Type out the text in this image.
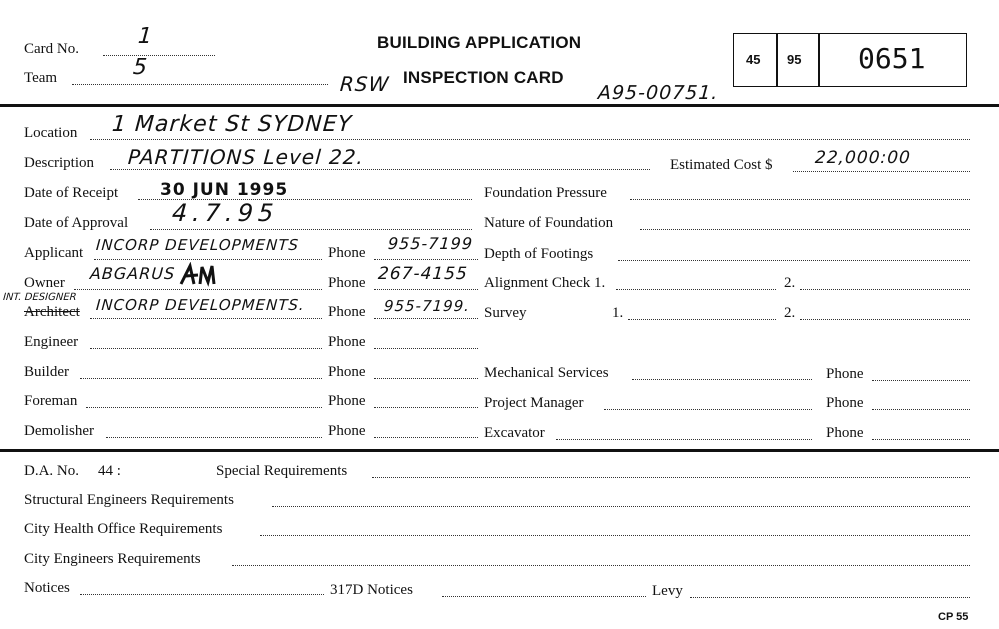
Card No.	1
Team	5
BUILDING APPLICATION
RSW INSPECTION CARD
A95-00751.
45 95 0651
Location 1 Market St SYDNEY
Description PARTITIONS Level 22.	Estimated Cost $ 22,000:00
Date of Receipt 30 JUN 1995	Foundation Pressure
Date of Approval 4.7.95	Nature of Foundation
Applicant INCORP DEVELOPMENTS Phone 955-7199
Depth of Footings
Owner ABGARUS	Phone 267-4155 Alignment Check 1.	2.
INT. DESIGNER
Architect INCORP DEVELOPMENTS. Phone 955-7199. Survey	1.	2.
Engineer	Phone
Builder	Phone	Mechanical Services	Phone
Foreman	Phone	Project Manager	Phone
Demolisher	Phone	Excavator	Phone
D.A. No. 44 :	Special Requirements
Structural Engineers Requirements
City Health Office Requirements
City Engineers Requirements
Notices	317D Notices	Levy
CP 55
